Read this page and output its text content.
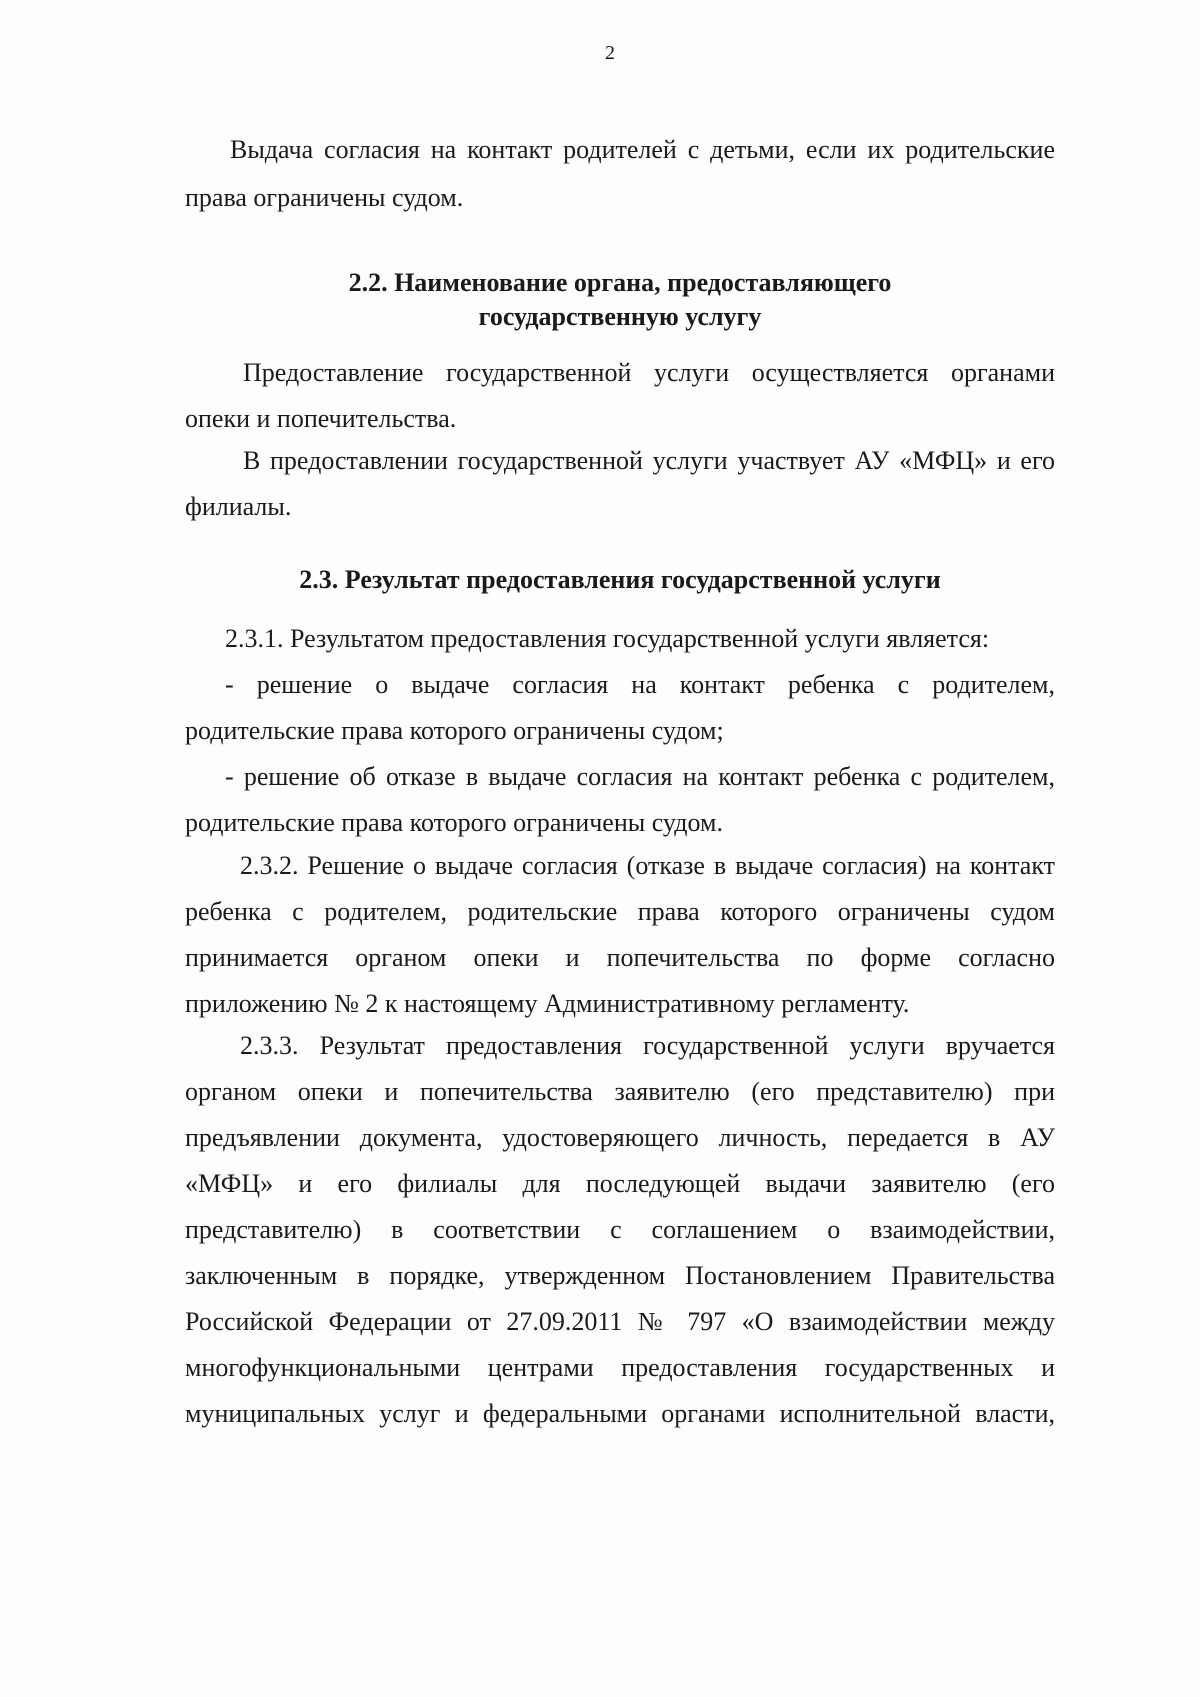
2
Выдача согласия на контакт родителей с детьми, если их родительские
права ограничены судом.
2.2. Наименование органа, предоставляющего
государственную услугу
Предоставление государственной услуги осуществляется органами
опеки и попечительства.
В предоставлении государственной услуги участвует АУ «МФЦ» и его
филиалы.
2.3. Результат предоставления государственной услуги
2.3.1. Результатом предоставления государственной услуги является:
- решение о выдаче согласия на контакт ребенка с родителем,
родительские права которого ограничены судом;
- решение об отказе в выдаче согласия на контакт ребенка с родителем,
родительские права которого ограничены судом.
2.3.2. Решение о выдаче согласия (отказе в выдаче согласия) на контакт
ребенка с родителем, родительские права которого ограничены судом
принимается органом опеки и попечительства по форме согласно
приложению № 2 к настоящему Административному регламенту.
2.3.3. Результат предоставления государственной услуги вручается
органом опеки и попечительства заявителю (его представителю) при
предъявлении документа, удостоверяющего личность, передается в АУ
«МФЦ» и его филиалы для последующей выдачи заявителю (его
представителю) в соответствии с соглашением о взаимодействии,
заключенным в порядке, утвержденном Постановлением Правительства
Российской Федерации от 27.09.2011 № 797 «О взаимодействии между
многофункциональными центрами предоставления государственных и
муниципальных услуг и федеральными органами исполнительной власти,
